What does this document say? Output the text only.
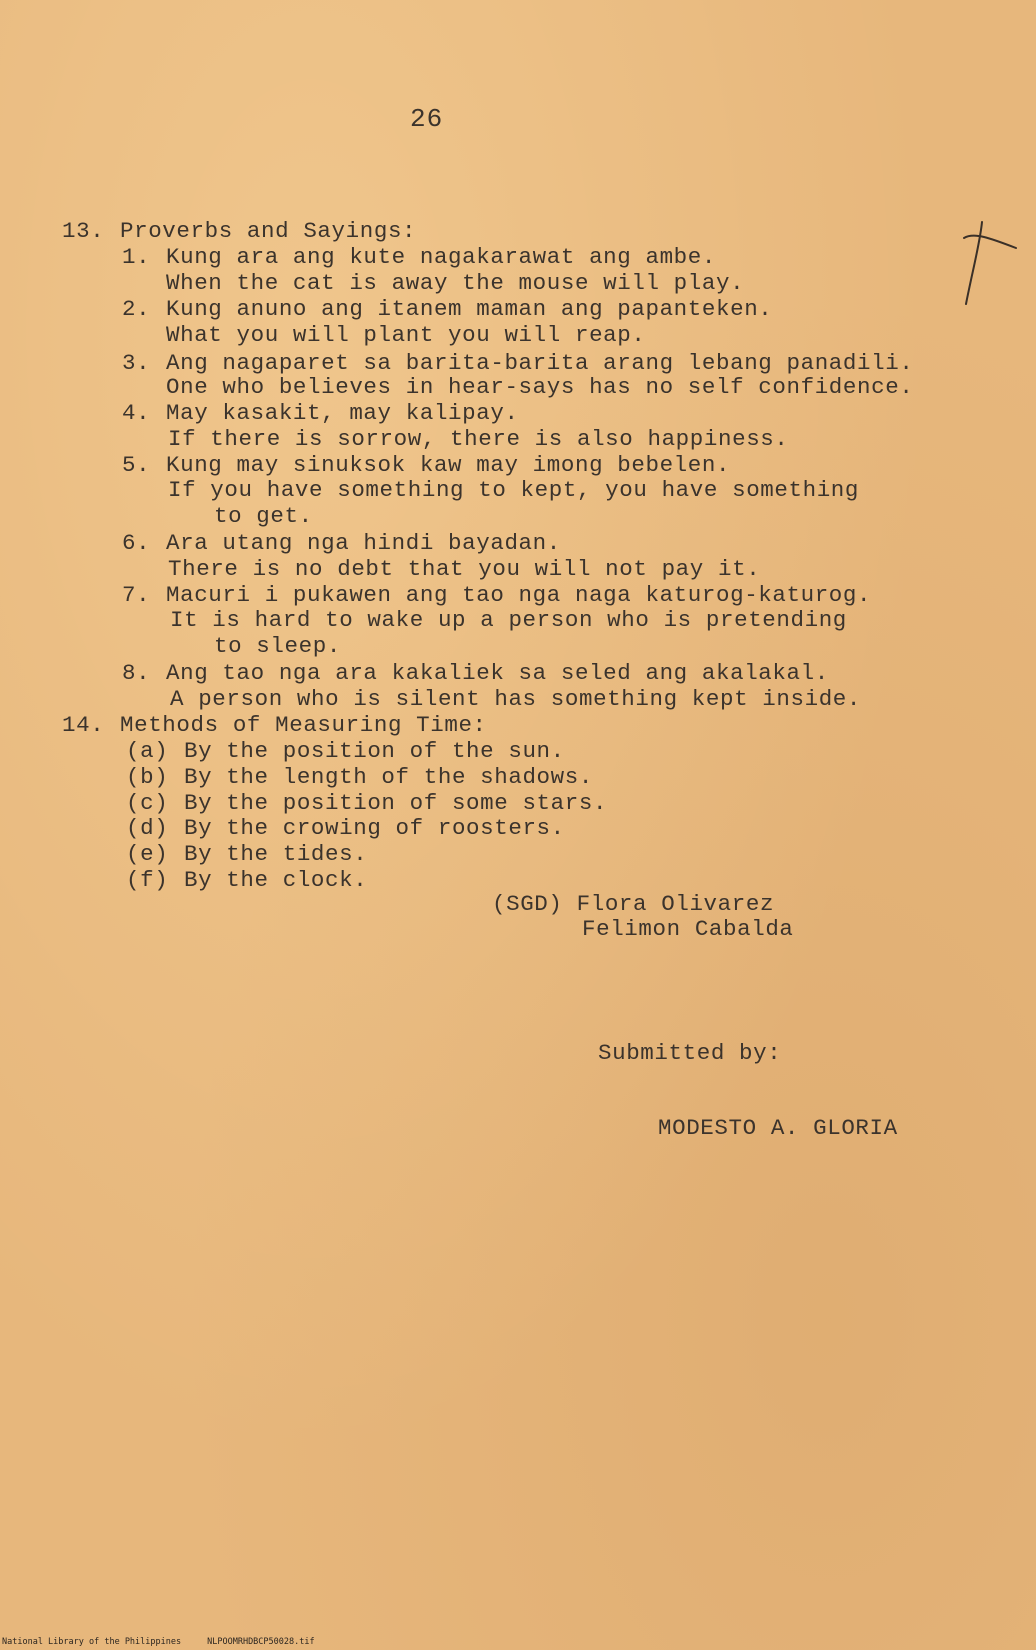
26
13. Proverbs and Sayings:
1. Kung ara ang kute nagakarawat ang ambe.
When the cat is away the mouse will play.
2. Kung anuno ang itanem maman ang papanteken.
What you will plant you will reap.
3. Ang nagaparet sa barita-barita arang lebang panadili.
One who believes in hear-says has no self confidence.
4. May kasakit, may kalipay.
If there is sorrow, there is also happiness.
5. Kung may sinuksok kaw may imong bebelen.
If you have something to kept, you have something
to get.
6. Ara utang nga hindi bayadan.
There is no debt that you will not pay it.
7. Macuri i pukawen ang tao nga naga katurog-katurog.
It is hard to wake up a person who is pretending
to sleep.
8. Ang tao nga ara kakaliek sa seled ang akalakal.
A person who is silent has something kept inside.
14. Methods of Measuring Time:
(a) By the position of the sun.
(b) By the length of the shadows.
(c) By the position of some stars.
(d) By the crowing of roosters.
(e) By the tides.
(f) By the clock.
(SGD) Flora Olivarez
Felimon Cabalda
Submitted by:
MODESTO A. GLORIA
National Library of the Philippines	NLPOOMRHDBCP50028.tif
